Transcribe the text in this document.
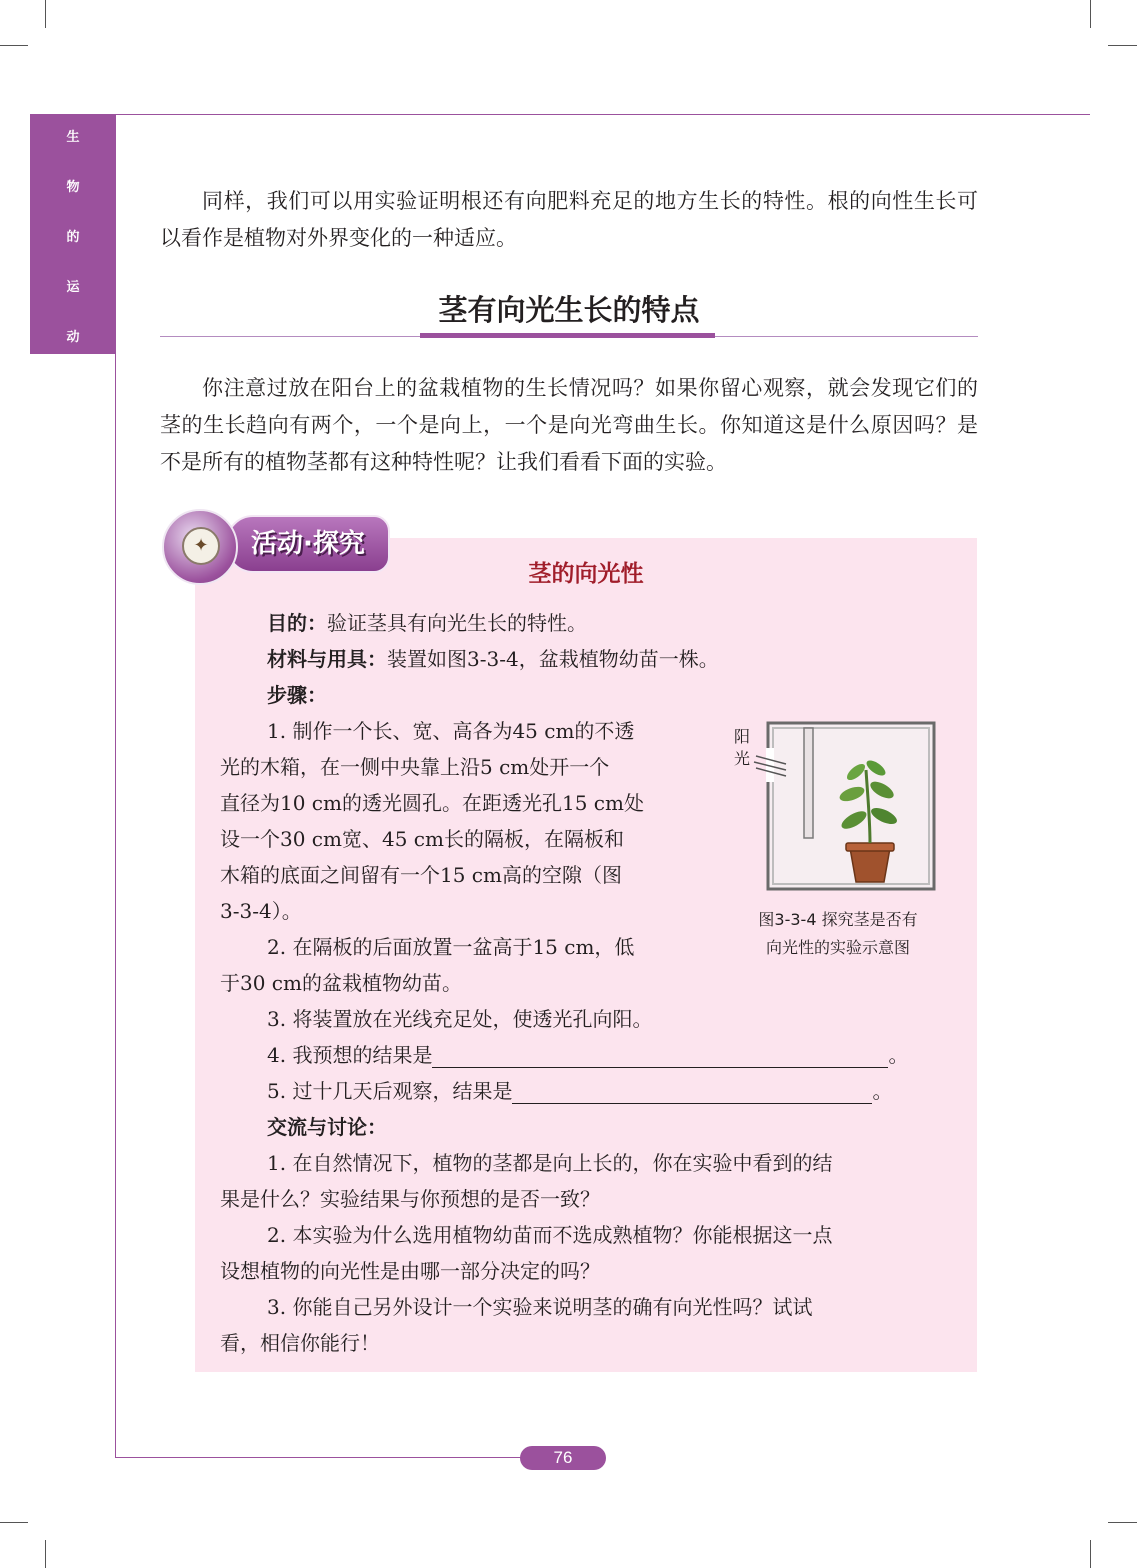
生
物
的
运
动

同样，我们可以用实验证明根还有向肥料充足的地方生长的特性。根的向性生长可以看作是植物对外界变化的一种适应。

茎有向光生长的特点

你注意过放在阳台上的盆栽植物的生长情况吗？如果你留心观察，就会发现它们的茎的生长趋向有两个，一个是向上，一个是向光弯曲生长。你知道这是什么原因吗？是不是所有的植物茎都有这种特性呢？让我们看看下面的实验。

活动·探究
✦
茎的向光性

目的：验证茎具有向光生长的特性。

材料与用具：装置如图3-3-4，盆栽植物幼苗一株。

步骤：

1. 制作一个长、宽、高各为45 cm的不透

光的木箱，在一侧中央靠上沿5 cm处开一个

直径为10 cm的透光圆孔。在距透光孔15 cm处

设一个30 cm宽、45 cm长的隔板，在隔板和

木箱的底面之间留有一个15 cm高的空隙（图

3-3-4）。

2. 在隔板的后面放置一盆高于15 cm，低

于30 cm的盆栽植物幼苗。

3. 将装置放在光线充足处，使透光孔向阳。

4. 我预想的结果是	。

5. 过十几天后观察，结果是	。

交流与讨论：

1. 在自然情况下，植物的茎都是向上长的，你在实验中看到的结

果是什么？实验结果与你预想的是否一致？

2. 本实验为什么选用植物幼苗而不选成熟植物？你能根据这一点

设想植物的向光性是由哪一部分决定的吗？

3. 你能自己另外设计一个实验来说明茎的确有向光性吗？试试

看，相信你能行！

阳
光
图3-3-4 探究茎是否有
向光性的实验示意图
76
